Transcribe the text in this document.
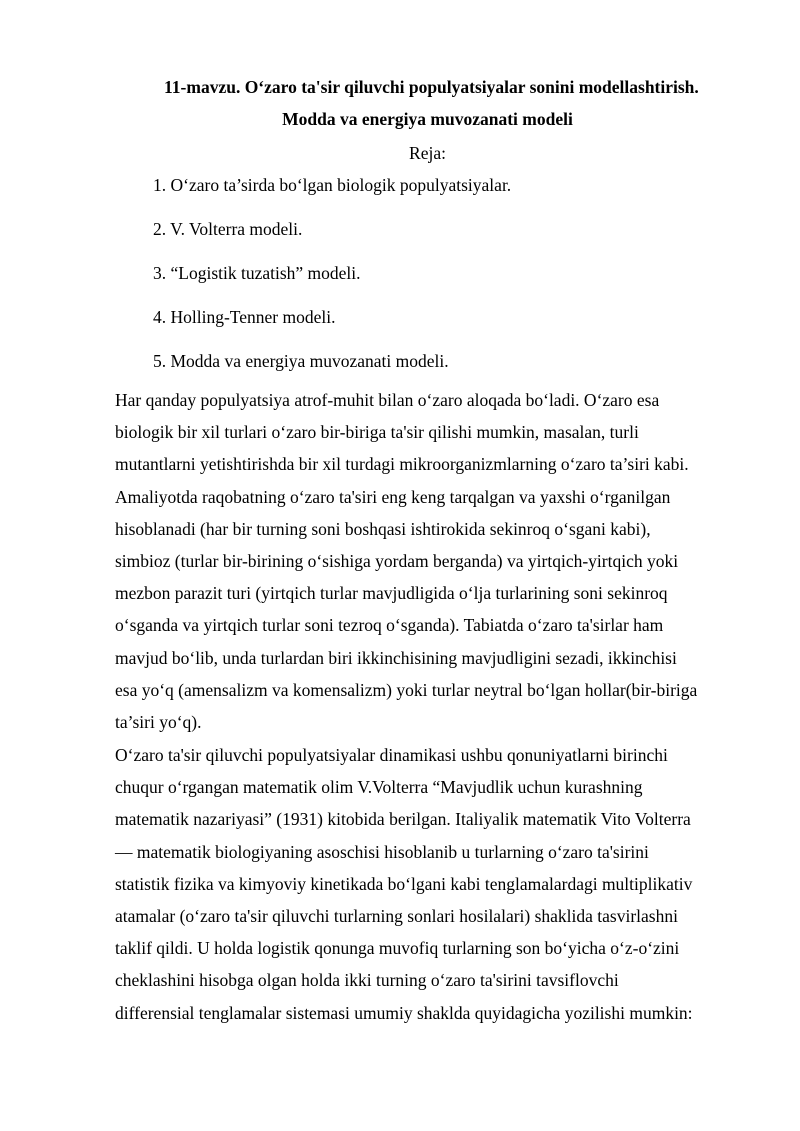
11-mavzu. O‘zaro ta'sir qiluvchi populyatsiyalar sonini modellashtirish.
Modda va energiya muvozanati modeli

Reja:

1. O‘zaro ta’sirda bo‘lgan biologik populyatsiyalar.
2. V. Volterra modeli.
3. “Logistik tuzatish” modeli.
4. Holling-Tenner modeli.
5. Modda va energiya muvozanati modeli.

Har qanday populyatsiya atrof-muhit bilan o‘zaro aloqada bo‘ladi. O‘zaro esa
biologik bir xil turlari o‘zaro bir-biriga ta'sir qilishi mumkin, masalan, turli
mutantlarni yetishtirishda bir xil turdagi mikroorganizmlarning o‘zaro ta’siri kabi.
Amaliyotda raqobatning o‘zaro ta'siri eng keng tarqalgan va yaxshi o‘rganilgan
hisoblanadi (har bir turning soni boshqasi ishtirokida sekinroq o‘sgani kabi),
simbioz (turlar bir-birining o‘sishiga yordam berganda) va yirtqich-yirtqich yoki
mezbon parazit turi (yirtqich turlar mavjudligida o‘lja turlarining soni sekinroq
o‘sganda va yirtqich turlar soni tezroq o‘sganda). Tabiatda o‘zaro ta'sirlar ham
mavjud bo‘lib, unda turlardan biri ikkinchisining mavjudligini sezadi, ikkinchisi
esa yo‘q (amensalizm va komensalizm) yoki turlar neytral bo‘lgan hollar(bir-biriga
ta’siri yo‘q).

O‘zaro ta'sir qiluvchi populyatsiyalar dinamikasi ushbu qonuniyatlarni birinchi
chuqur o‘rgangan matematik olim V.Volterra “Mavjudlik uchun kurashning
matematik nazariyasi” (1931) kitobida berilgan. Italiyalik matematik Vito Volterra
— matematik biologiyaning asoschisi hisoblanib u turlarning o‘zaro ta'sirini
statistik fizika va kimyoviy kinetikada bo‘lgani kabi tenglamalardagi multiplikativ
atamalar (o‘zaro ta'sir qiluvchi turlarning sonlari hosilalari) shaklida tasvirlashni
taklif qildi. U holda logistik qonunga muvofiq turlarning son bo‘yicha o‘z-o‘zini
cheklashini hisobga olgan holda ikki turning o‘zaro ta'sirini tavsiflovchi
differensial tenglamalar sistemasi umumiy shaklda quyidagicha yozilishi mumkin:
